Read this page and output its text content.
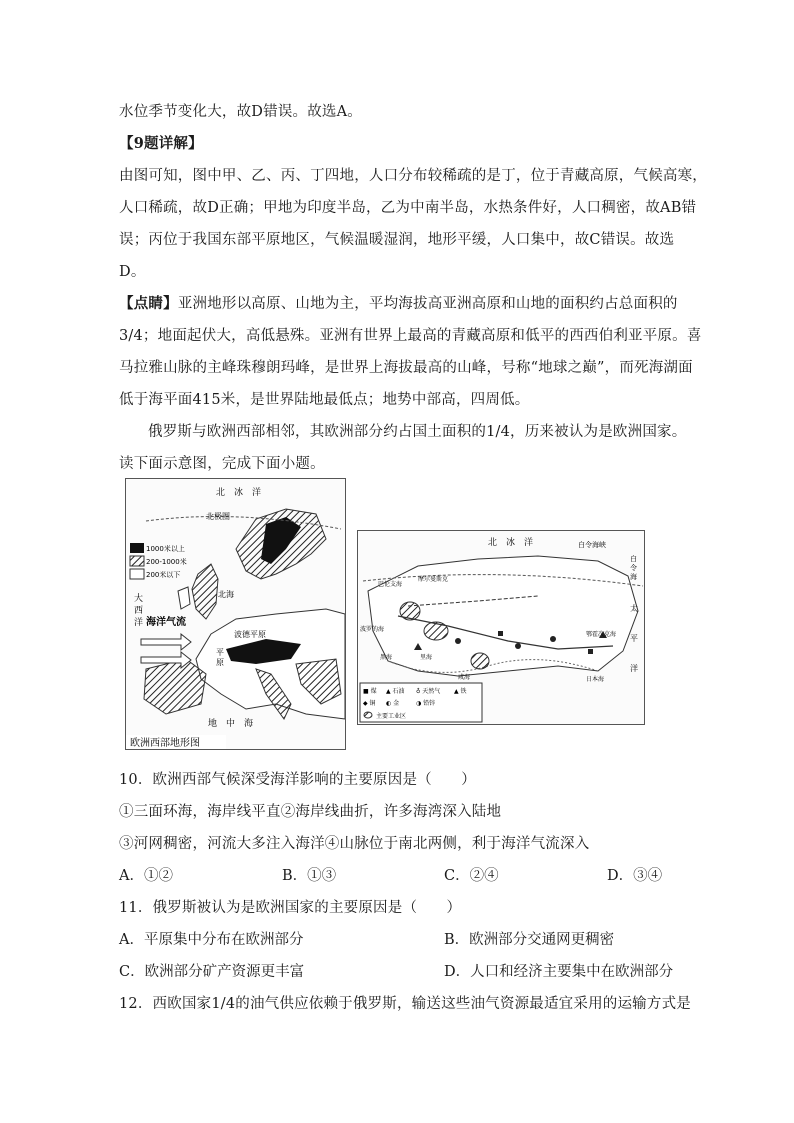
水位季节变化大，故D错误。故选A。
【9题详解】
由图可知，图中甲、乙、丙、丁四地，人口分布较稀疏的是丁，位于青藏高原，气候高寒，
人口稀疏，故D正确；甲地为印度半岛，乙为中南半岛，水热条件好，人口稠密，故AB错
误；丙位于我国东部平原地区，气候温暖湿润，地形平缓，人口集中，故C错误。故选
D。
【点睛】亚洲地形以高原、山地为主，平均海拔高亚洲高原和山地的面积约占总面积的
3/4；地面起伏大，高低悬殊。亚洲有世界上最高的青藏高原和低平的西西伯利亚平原。喜
马拉雅山脉的主峰珠穆朗玛峰，是世界上海拔最高的山峰，号称“地球之巅”，而死海湖面
低于海平面415米，是世界陆地最低点；地势中部高，四周低。
俄罗斯与欧洲西部相邻，其欧洲部分约占国土面积的1/4，历来被认为是欧洲国家。
读下面示意图，完成下面小题。
1000米以上
200-1000米
200米以下
北　冰　洋
北极圈
大
西
洋
北海
海洋气流
波德平原
平
原
地　中　海
欧洲西部地形图
北　冰　洋	白令海峡
白
令
海
太
平
洋
鄂霍次克海
日本海
巴伦支海
摩尔曼斯克
波罗的海
黑海	里海
咸海
■ 煤 ▲ 石油 ♁ 天然气 ▲ 铁
◆ 铜 ◐ 金	◑ 铅锌
主要工业区
10．欧洲西部气候深受海洋影响的主要原因是（　　）
①三面环海，海岸线平直②海岸线曲折，许多海湾深入陆地
③河网稠密，河流大多注入海洋④山脉位于南北两侧，利于海洋气流深入
A．①②	B．①③	C．②④	D．③④
11．俄罗斯被认为是欧洲国家的主要原因是（　　）
A．平原集中分布在欧洲部分	B．欧洲部分交通网更稠密
C．欧洲部分矿产资源更丰富	D．人口和经济主要集中在欧洲部分
12．西欧国家1/4的油气供应依赖于俄罗斯，输送这些油气资源最适宜采用的运输方式是
